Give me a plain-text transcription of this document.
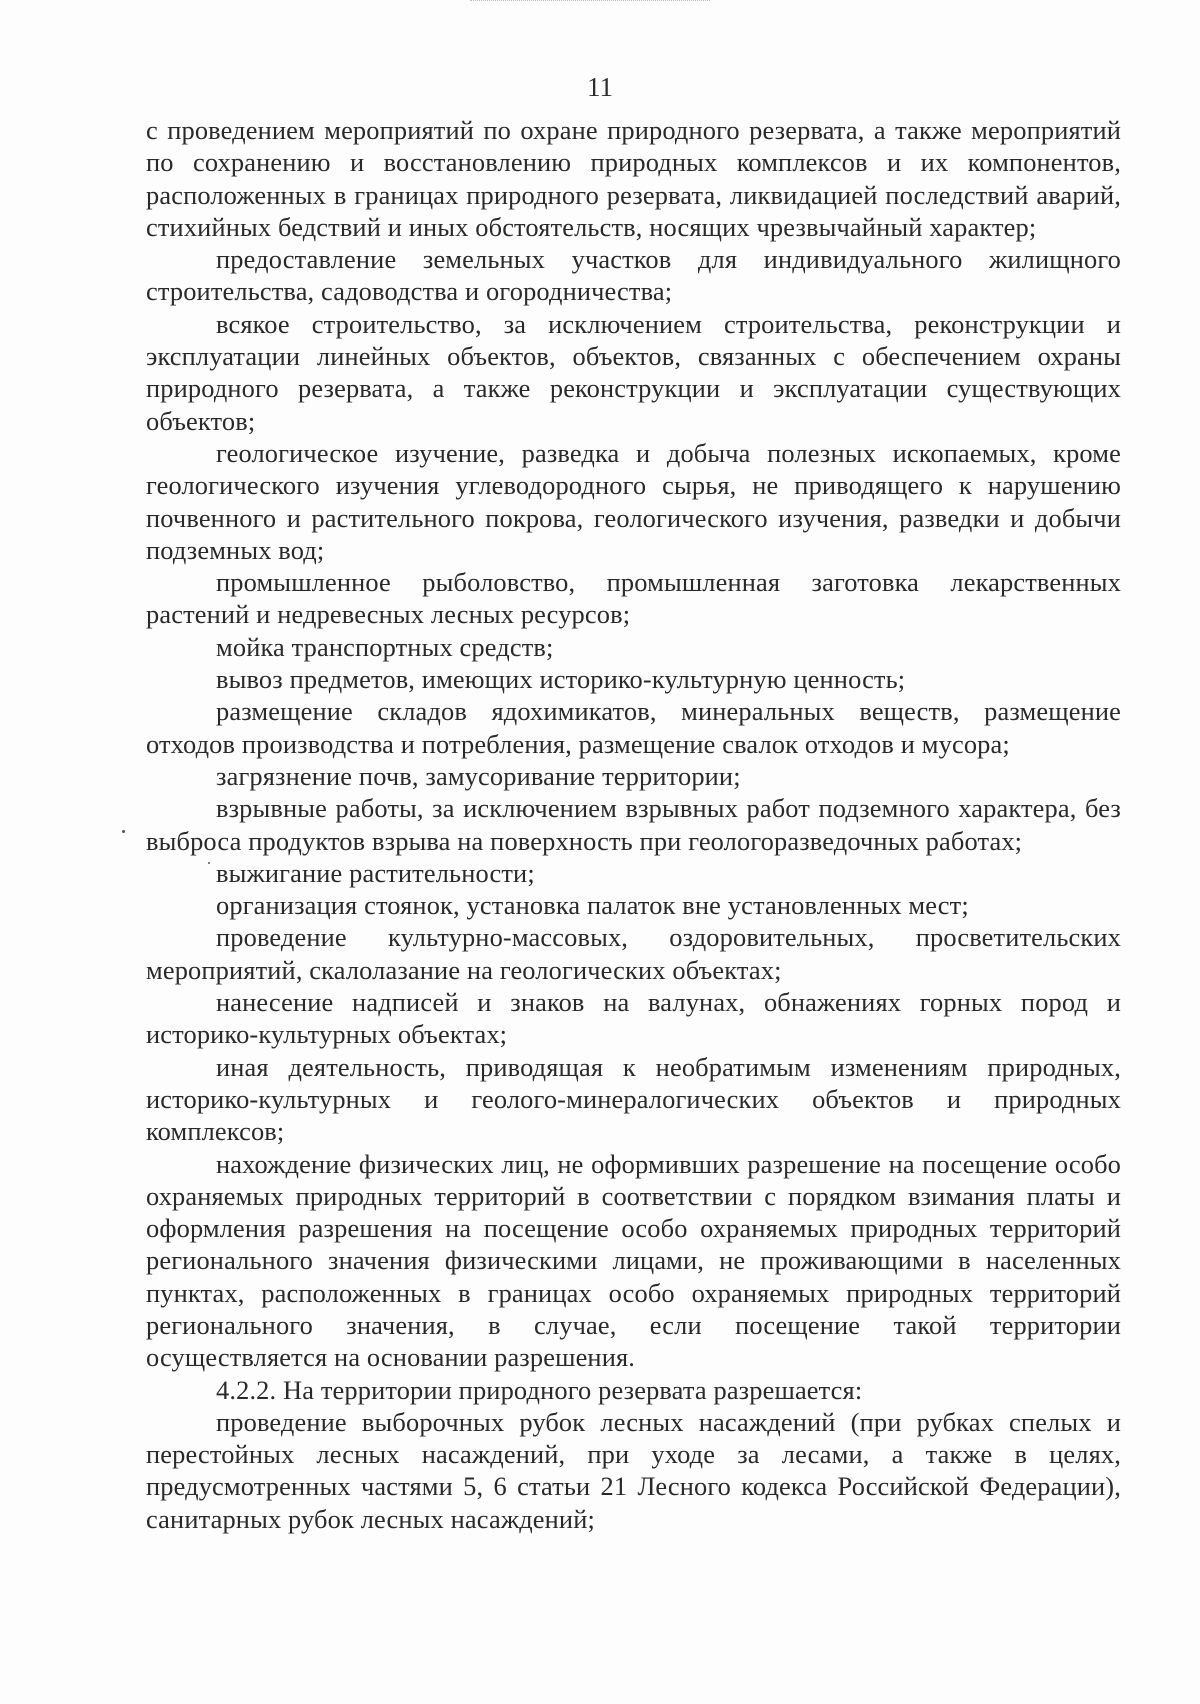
11

с проведением мероприятий по охране природного резервата, а также мероприятий по сохранению и восстановлению природных комплексов и их компонентов, расположенных в границах природного резервата, ликвидацией последствий аварий, стихийных бедствий и иных обстоятельств, носящих чрезвычайный характер;

предоставление земельных участков для индивидуального жилищного строительства, садоводства и огородничества;

всякое строительство, за исключением строительства, реконструкции и эксплуатации линейных объектов, объектов, связанных с обеспечением охраны природного резервата, а также реконструкции и эксплуатации существующих объектов;

геологическое изучение, разведка и добыча полезных ископаемых, кроме геологического изучения углеводородного сырья, не приводящего к нарушению почвенного и растительного покрова, геологического изучения, разведки и добычи подземных вод;

промышленное рыболовство, промышленная заготовка лекарственных растений и недревесных лесных ресурсов;

мойка транспортных средств;

вывоз предметов, имеющих историко-культурную ценность;

размещение складов ядохимикатов, минеральных веществ, размещение отходов производства и потребления, размещение свалок отходов и мусора;

загрязнение почв, замусоривание территории;

взрывные работы, за исключением взрывных работ подземного характера, без выброса продуктов взрыва на поверхность при геологоразведочных работах;

выжигание растительности;

организация стоянок, установка палаток вне установленных мест;

проведение культурно-массовых, оздоровительных, просветительских мероприятий, скалолазание на геологических объектах;

нанесение надписей и знаков на валунах, обнажениях горных пород и историко-культурных объектах;

иная деятельность, приводящая к необратимым изменениям природных, историко-культурных и геолого-минералогических объектов и природных комплексов;

нахождение физических лиц, не оформивших разрешение на посещение особо охраняемых природных территорий в соответствии с порядком взимания платы и оформления разрешения на посещение особо охраняемых природных территорий регионального значения физическими лицами, не проживающими в населенных пунктах, расположенных в границах особо охраняемых природных территорий регионального значения, в случае, если посещение такой территории осуществляется на основании разрешения.

4.2.2. На территории природного резервата разрешается:

проведение выборочных рубок лесных насаждений (при рубках спелых и перестойных лесных насаждений, при уходе за лесами, а также в целях, предусмотренных частями 5, 6 статьи 21 Лесного кодекса Российской Федерации), санитарных рубок лесных насаждений;
